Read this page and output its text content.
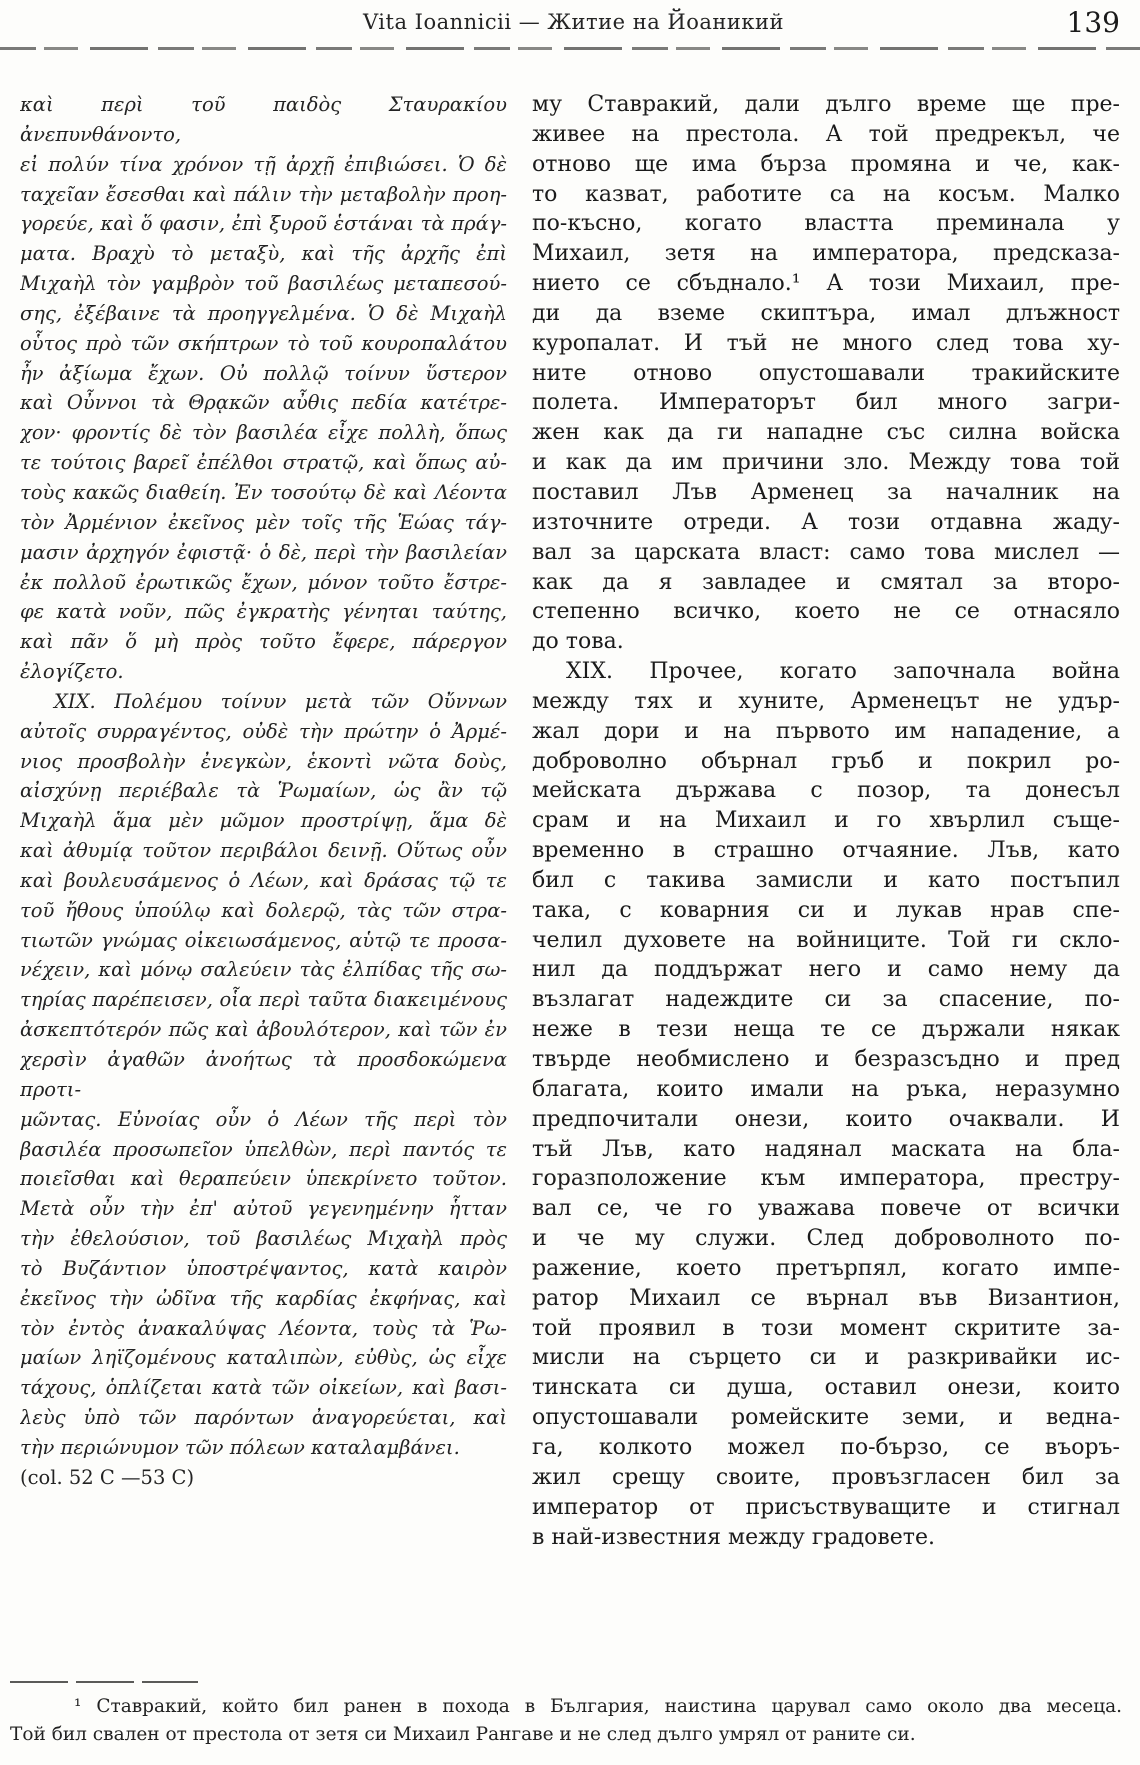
Vita Ioannicii — Житие на Йоаникий	139
καὶ περὶ τοῦ παιδὸς Σταυρακίου ἀνεπυνθάνοντο,
εἰ πολύν τίνα χρόνον τῇ ἀρχῇ ἐπιβιώσει. Ὁ δὲ
ταχεῖαν ἔσεσθαι καὶ πάλιν τὴν μεταβολὴν προη-
γορεύε, καὶ ὅ φασιν, ἐπὶ ξυροῦ ἑστάναι τὰ πράγ-
ματα. Βραχὺ τὸ μεταξὺ, καὶ τῆς ἀρχῆς ἐπὶ
Μιχαὴλ τὸν γαμβρὸν τοῦ βασιλέως μεταπεσού-
σης, ἐξέβαινε τὰ προηγγελμένα. Ὁ δὲ Μιχαὴλ
οὗτος πρὸ τῶν σκήπτρων τὸ τοῦ κουροπαλάτου
ἦν ἀξίωμα ἔχων. Οὐ πολλῷ τοίνυν ὕστερον
καὶ Οὖννοι τὰ Θρᾳκῶν αὖθις πεδία κατέτρε-
χον· φροντίς δὲ τὸν βασιλέα εἶχε πολλὴ, ὅπως
τε τούτοις βαρεῖ ἐπέλθοι στρατῷ, καὶ ὅπως αὐ-
τοὺς κακῶς διαθείη. Ἐν τοσούτῳ δὲ καὶ Λέοντα
τὸν Ἀρμένιον ἐκεῖνος μὲν τοῖς τῆς Ἑώας τάγ-
μασιν ἀρχηγόν ἐφιστᾷ· ὁ δὲ, περὶ τὴν βασιλείαν
ἐκ πολλοῦ ἐρωτικῶς ἔχων, μόνον τοῦτο ἔστρε-
φε κατὰ νοῦν, πῶς ἐγκρατὴς γένηται ταύτης,
καὶ πᾶν ὅ μὴ πρὸς τοῦτο ἔφερε, πάρεργον
ἐλογίζετο.
XIX. Πολέμου τοίνυν μετὰ τῶν Οὔννων
αὐτοῖς συρραγέντος, οὐδὲ τὴν πρώτην ὁ Ἀρμέ-
νιος προσβολὴν ἐνεγκὼν, ἑκοντὶ νῶτα δοὺς,
αἰσχύνῃ περιέβαλε τὰ Ῥωμαίων, ὡς ἂν τῷ
Μιχαὴλ ἅμα μὲν μῶμον προστρίψῃ, ἅμα δὲ
καὶ ἀθυμίᾳ τοῦτον περιβάλοι δεινῇ. Οὕτως οὖν
καὶ βουλευσάμενος ὁ Λέων, καὶ δράσας τῷ τε
τοῦ ἤθους ὑπούλῳ καὶ δολερῷ, τὰς τῶν στρα-
τιωτῶν γνώμας οἰκειωσάμενος, αὑτῷ τε προσα-
νέχειν, καὶ μόνῳ σαλεύειν τὰς ἐλπίδας τῆς σω-
τηρίας παρέπεισεν, οἷα περὶ ταῦτα διακειμένους
ἀσκεπτότερόν πῶς καὶ ἀβουλότερον, καὶ τῶν ἐν
χερσὶν ἀγαθῶν ἀνοήτως τὰ προσδοκώμενα προτι-
μῶντας. Εὐνοίας οὖν ὁ Λέων τῆς περὶ τὸν
βασιλέα προσωπεῖον ὑπελθὼν, περὶ παντός τε
ποιεῖσθαι καὶ θεραπεύειν ὑπεκρίνετο τοῦτον.
Μετὰ οὖν τὴν ἐπ' αὐτοῦ γεγενημένην ἧτταν
τὴν ἐθελούσιον, τοῦ βασιλέως Μιχαὴλ πρὸς
τὸ Βυζάντιον ὑποστρέψαντος, κατὰ καιρὸν
ἐκεῖνος τὴν ὠδῖνα τῆς καρδίας ἐκφήνας, καὶ
τὸν ἐντὸς ἀνακαλύψας Λέοντα, τοὺς τὰ Ῥω-
μαίων ληϊζομένους καταλιπὼν, εὐθὺς, ὡς εἶχε
τάχους, ὁπλίζεται κατὰ τῶν οἰκείων, καὶ βασι-
λεὺς ὑπὸ τῶν παρόντων ἀναγορεύεται, καὶ
τὴν περιώνυμον τῶν πόλεων καταλαμβάνει.
(col. 52 C —53 C)
му Ставракий, дали дълго време ще пре-
живее на престола. А той предрекъл, че
отново ще има бърза промяна и че, как-
то казват, работите са на косъм. Малко
по-късно, когато властта преминала у
Михаил, зетя на императора, предсказа-
нието се сбъднало.¹ А този Михаил, пре-
ди да вземе скиптъра, имал длъжност
куропалат. И тъй не много след това ху-
ните отново опустошавали тракийските
полета. Императорът бил много загри-
жен как да ги нападне със силна войска
и как да им причини зло. Между това той
поставил Лъв Арменец за началник на
източните отреди. А този отдавна жаду-
вал за царската власт: само това мислел —
как да я завладее и смятал за второ-
степенно всичко, което не се отнасяло
до това.
XIX. Прочее, когато започнала война
между тях и хуните, Арменецът не удър-
жал дори и на първото им нападение, а
доброволно обърнал гръб и покрил ро-
мейската държава с позор, та донесъл
срам и на Михаил и го хвърлил съще-
временно в страшно отчаяние. Лъв, като
бил с такива замисли и като постъпил
така, с коварния си и лукав нрав спе-
челил духовете на войниците. Той ги скло-
нил да поддържат него и само нему да
възлагат надеждите си за спасение, по-
неже в тези неща те се държали някак
твърде необмислено и безразсъдно и пред
благата, които имали на ръка, неразумно
предпочитали онези, които очаквали. И
тъй Лъв, като надянал маската на бла-
горазположение към императора, престру-
вал се, че го уважава повече от всички
и че му служи. След доброволното по-
ражение, което претърпял, когато импе-
ратор Михаил се върнал във Византион,
той проявил в този момент скритите за-
мисли на сърцето си и разкривайки ис-
тинската си душа, оставил онези, които
опустошавали ромейските земи, и ведна-
га, колкото можел по-бързо, се въоръ-
жил срещу своите, провъзгласен бил за
император от присъствуващите и стигнал
в най-известния между градовете.
¹ Ставракий, който бил ранен в похода в България, наистина царувал само около два месеца.
Той бил свален от престола от зетя си Михаил Рангаве и не след дълго умрял от раните си.
